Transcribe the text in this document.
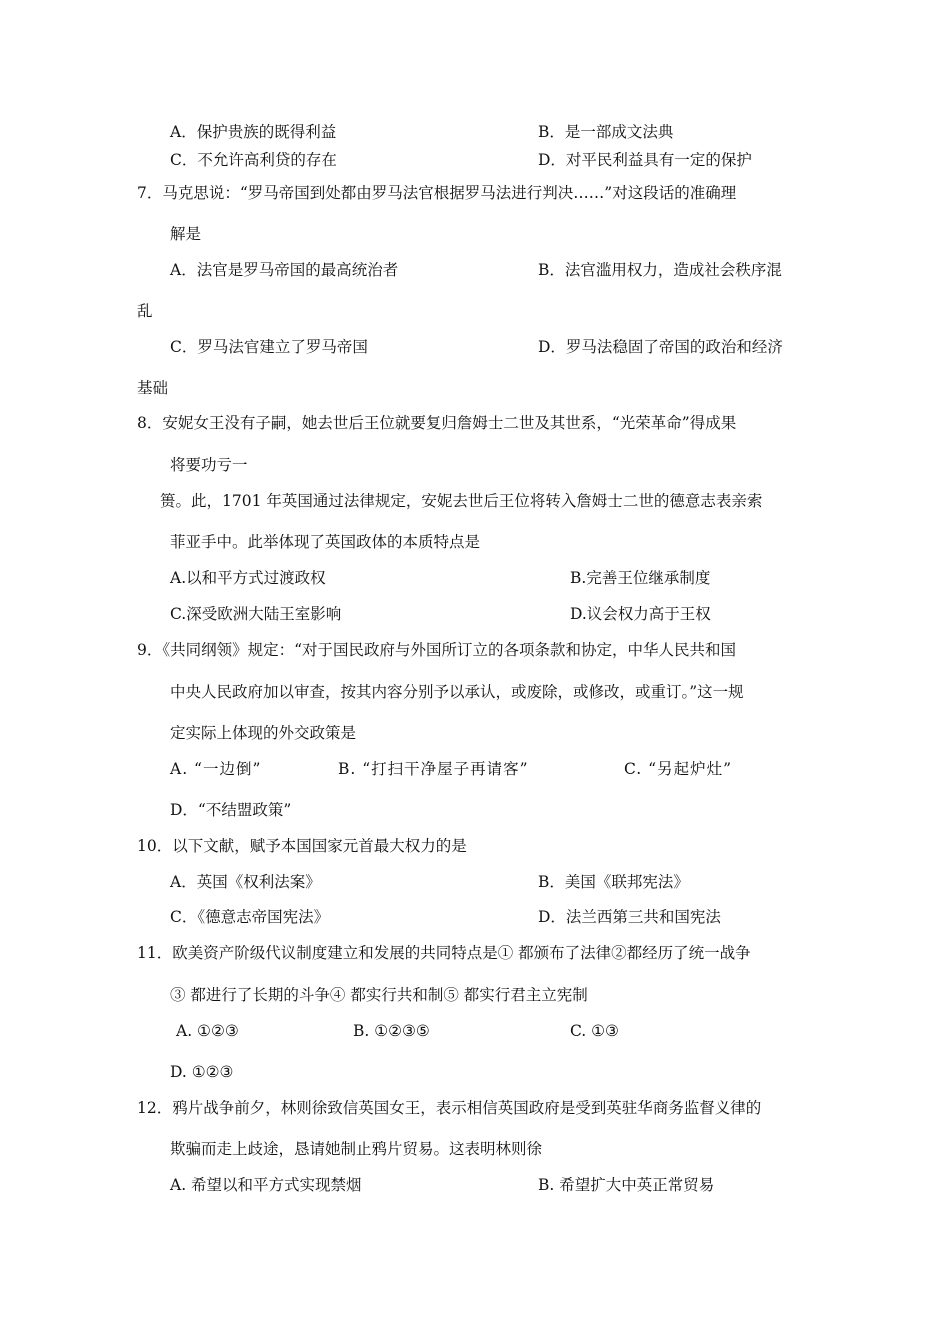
A．保护贵族的既得利益	B．是一部成文法典
C．不允许高利贷的存在	D．对平民利益具有一定的保护
7．马克思说：“罗马帝国到处都由罗马法官根据罗马法进行判决……”对这段话的准确理
解是
A．法官是罗马帝国的最高统治者	B．法官滥用权力，造成社会秩序混
乱
C．罗马法官建立了罗马帝国	D．罗马法稳固了帝国的政治和经济
基础
8．安妮女王没有子嗣，她去世后王位就要复归詹姆士二世及其世系，“光荣革命”得成果
将要功亏一
篑。此，1701 年英国通过法律规定，安妮去世后王位将转入詹姆士二世的德意志表亲索
菲亚手中。此举体现了英国政体的本质特点是
A.以和平方式过渡政权	B.完善王位继承制度
C.深受欧洲大陆王室影响	D.议会权力高于王权
9．《共同纲领》规定：“对于国民政府与外国所订立的各项条款和协定，中华人民共和国
中央人民政府加以审查，按其内容分别予以承认，或废除，或修改，或重订。”这一规
定实际上体现的外交政策是
A. “一边倒”	B. “打扫干净屋子再请客”	C. “另起炉灶”
D．“不结盟政策”
10．以下文献，赋予本国国家元首最大权力的是
A．英国《权利法案》	B．美国《联邦宪法》
C．《德意志帝国宪法》	D．法兰西第三共和国宪法
11．欧美资产阶级代议制度建立和发展的共同特点是① 都颁布了法律②都经历了统一战争
③ 都进行了长期的斗争④ 都实行共和制⑤ 都实行君主立宪制
A. ①②③	B. ①②③⑤	C. ①③
D. ①②③
12．鸦片战争前夕，林则徐致信英国女王，表示相信英国政府是受到英驻华商务监督义律的
欺骗而走上歧途，恳请她制止鸦片贸易。这表明林则徐
A. 希望以和平方式实现禁烟	B. 希望扩大中英正常贸易
